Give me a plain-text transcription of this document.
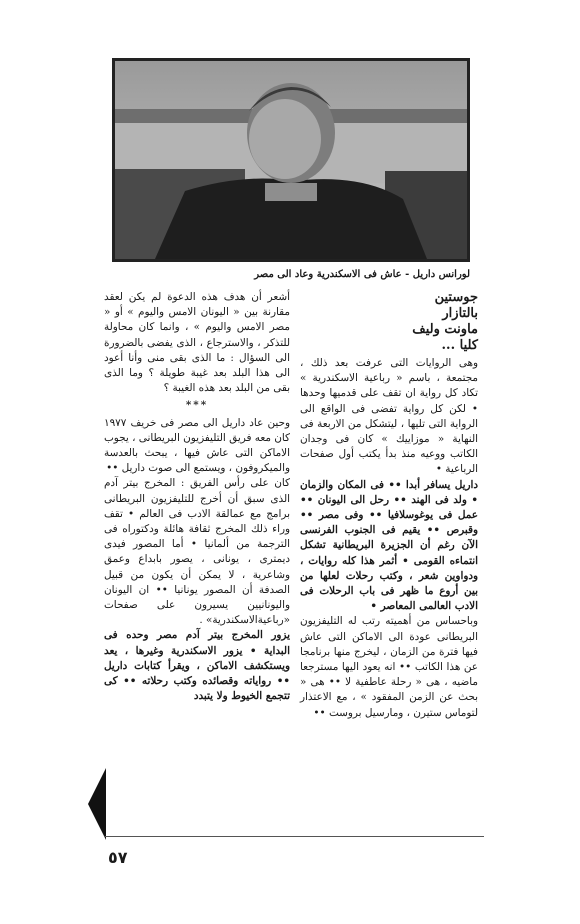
لورانس داريل - عاش فى الاسكندرية وعاد الى مصر
جوستين
بالتازار
ماونت وليف
كليا ...

وهى الروايات التى عرفت بعد ذلك ، مجتمعة ، باسم « رباعية الاسكندرية » تكاد كل رواية ان تقف على قدميها وحدها • لكن كل رواية تفضى فى الواقع الى الرواية التى تليها ، ليتشكل من الاربعة فى النهاية « موزاييك » كان فى وجدان الكاتب ووعيه منذ بدأ يكتب أول صفحات الرباعية •

داريل يسافر أبدا •• فى المكان والزمان • ولد فى الهند •• رحل الى اليونان •• عمل فى يوغوسلافيا •• وفى مصر •• وقبرص •• يقيم فى الجنوب الفرنسى الآن رغم أن الجزيرة البريطانية تشكل انتماءه القومى • أثمر هذا كله روايات ، ودواوين شعر ، وكتب رحلات لعلها من بين أروع ما ظهر فى باب الرحلات فى الادب العالمى المعاصر •

وباحساس من أهميته رتب له التليفزيون البريطانى عودة الى الاماكن التى عاش فيها فترة من الزمان ، ليخرج منها برنامجا عن هذا الكاتب •• انه يعود اليها مسترجعا ماضيه ، هى « رحلة عاطفية لا •• هى « بحث عن الزمن المفقود » ، مع الاعتذار لتوماس ستيرن ، ومارسيل بروست ••

أشعر أن هدف هذه الدعوة لم يكن لعقد مقارنة بين « اليونان الامس واليوم » أو « مصر الامس واليوم » ، وانما كان محاولة للتذكر ، والاسترجاع ، الذى يفضى بالضرورة الى السؤال : ما الذى بقى منى وأنا أعود الى هذا البلد بعد غيبة طويلة ؟ وما الذى بقى من البلد بعد هذه الغيبة ؟

***

وحين عاد داريل الى مصر فى خريف ١٩٧٧ كان معه فريق التليفزيون البريطانى ، يجوب الاماكن التى عاش فيها ، يبحث بالعدسة والميكروفون ، ويستمع الى صوت داريل ••

كان على رأس الفريق : المخرج بيتر آدم الذى سبق أن أخرج للتليفزيون البريطانى برامج مع عمالقة الادب فى العالم • تقف وراء ذلك المخرج ثقافة هائلة ودكتوراه فى الترجمة من ألمانيا • أما المصور فيدى ديمترى ، يونانى ، يصور بابداع وعمق وشاعرية ، لا يمكن أن يكون من قبيل الصدفة أن المصور يونانيا •• ان اليونان واليونانيين يسيرون على صفحات «رباعيةالاسكندرية» .

يزور المخرج بيتر آدم مصر وحده فى البداية • يزور الاسكندرية وغيرها ، يعد ويستكشف الاماكن ، ويقرأ كتابات داريل •• رواياته وقصائده وكتب رحلاته •• كى تتجمع الخيوط ولا يتبدد

٥٧
